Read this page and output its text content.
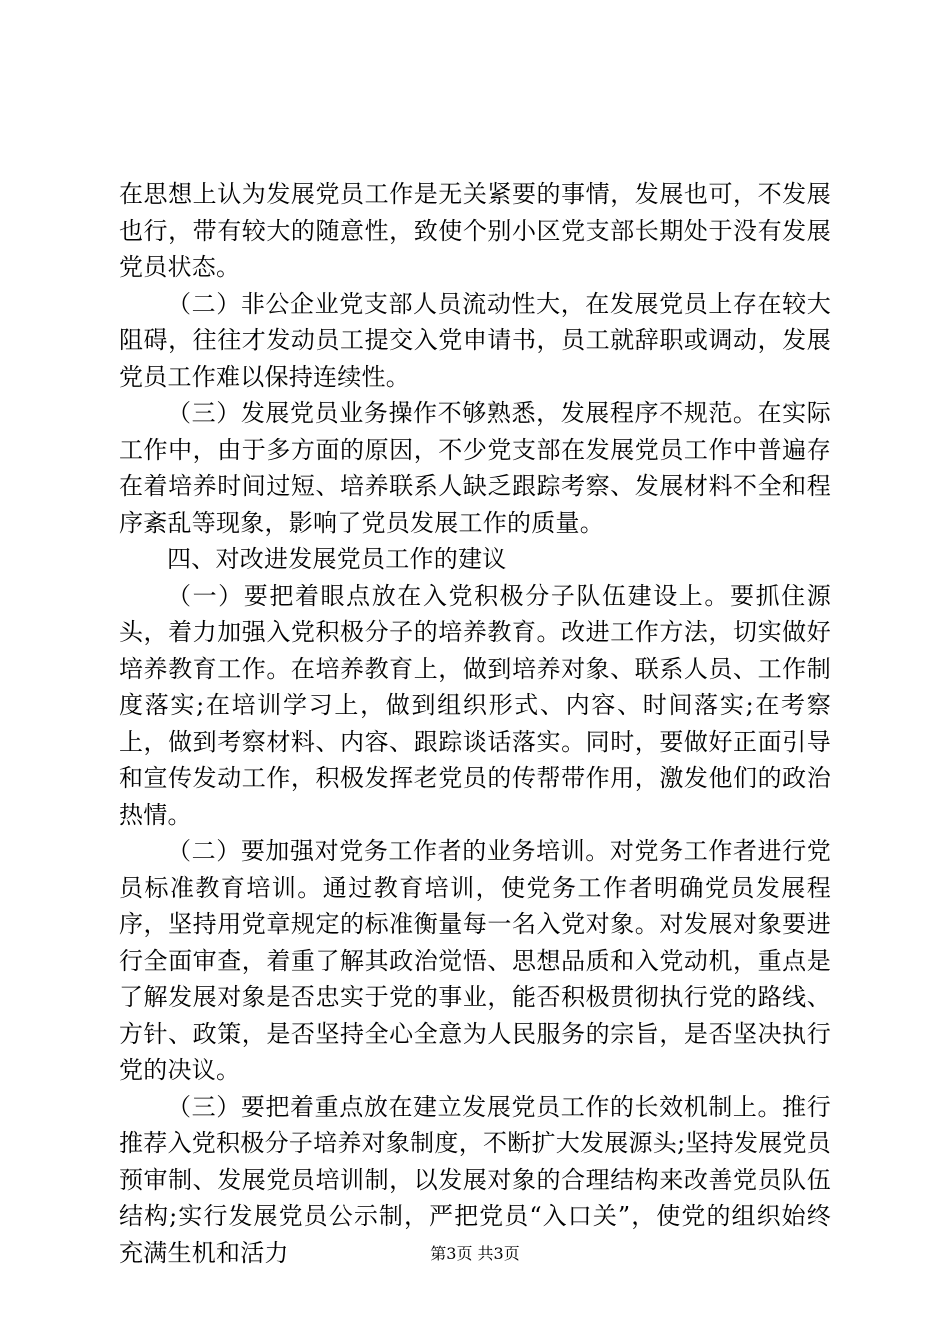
在思想上认为发展党员工作是无关紧要的事情，发展也可，不发展也行，带有较大的随意性，致使个别小区党支部长期处于没有发展党员状态。

（二）非公企业党支部人员流动性大，在发展党员上存在较大阻碍，往往才发动员工提交入党申请书，员工就辞职或调动，发展党员工作难以保持连续性。

（三）发展党员业务操作不够熟悉，发展程序不规范。在实际工作中，由于多方面的原因，不少党支部在发展党员工作中普遍存在着培养时间过短、培养联系人缺乏跟踪考察、发展材料不全和程序紊乱等现象，影响了党员发展工作的质量。

四、对改进发展党员工作的建议

（一）要把着眼点放在入党积极分子队伍建设上。要抓住源头，着力加强入党积极分子的培养教育。改进工作方法，切实做好培养教育工作。在培养教育上，做到培养对象、联系人员、工作制度落实;在培训学习上，做到组织形式、内容、时间落实;在考察上，做到考察材料、内容、跟踪谈话落实。同时，要做好正面引导和宣传发动工作，积极发挥老党员的传帮带作用，激发他们的政治热情。

（二）要加强对党务工作者的业务培训。对党务工作者进行党员标准教育培训。通过教育培训，使党务工作者明确党员发展程序，坚持用党章规定的标准衡量每一名入党对象。对发展对象要进行全面审查，着重了解其政治觉悟、思想品质和入党动机，重点是了解发展对象是否忠实于党的事业，能否积极贯彻执行党的路线、方针、政策，是否坚持全心全意为人民服务的宗旨，是否坚决执行党的决议。

（三）要把着重点放在建立发展党员工作的长效机制上。推行推荐入党积极分子培养对象制度，不断扩大发展源头;坚持发展党员预审制、发展党员培训制，以发展对象的合理结构来改善党员队伍结构;实行发展党员公示制，严把党员“入口关”，使党的组织始终充满生机和活力	第3页 共3页
